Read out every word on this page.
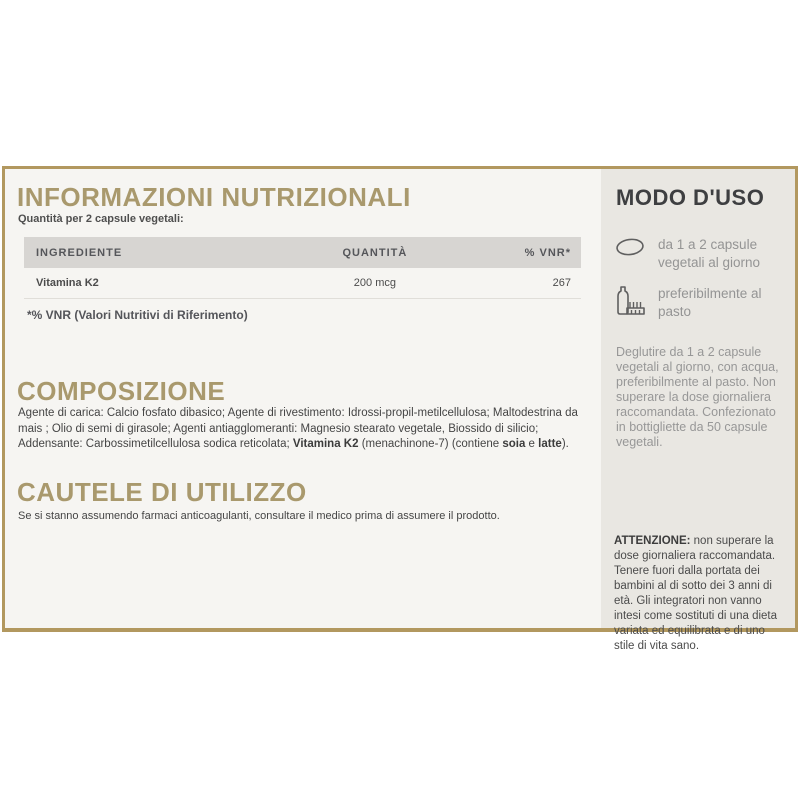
INFORMAZIONI NUTRIZIONALI
Quantità per 2 capsule vegetali:
INGREDIENTE	QUANTITÀ	% VNR*
Vitamina K2	200 mcg	267
*% VNR (Valori Nutritivi di Riferimento)
COMPOSIZIONE
Agente di carica: Calcio fosfato dibasico; Agente di rivestimento: Idrossi-propil-metilcellulosa; Maltodestrina da mais ; Olio di semi di girasole; Agenti antiagglomeranti: Magnesio stearato vegetale, Biossido di silicio; Addensante: Carbossimetilcellulosa sodica reticolata; Vitamina K2 (menachinone-7) (contiene soia e latte).
CAUTELE DI UTILIZZO
Se si stanno assumendo farmaci anticoagulanti, consultare il medico prima di assumere il prodotto.
MODO D'USO
da 1 a 2 capsule vegetali al giorno
preferibilmente al pasto
Deglutire da 1 a 2 capsule vegetali al giorno, con acqua, preferibilmente al pasto. Non superare la dose giornaliera raccomandata. Confezionato in bottigliette da 50 capsule vegetali.
ATTENZIONE: non superare la dose giornaliera raccomandata. Tenere fuori dalla portata dei bambini al di sotto dei 3 anni di età. Gli integratori non vanno intesi come sostituti di una dieta variata ed equilibrata e di uno stile di vita sano.
